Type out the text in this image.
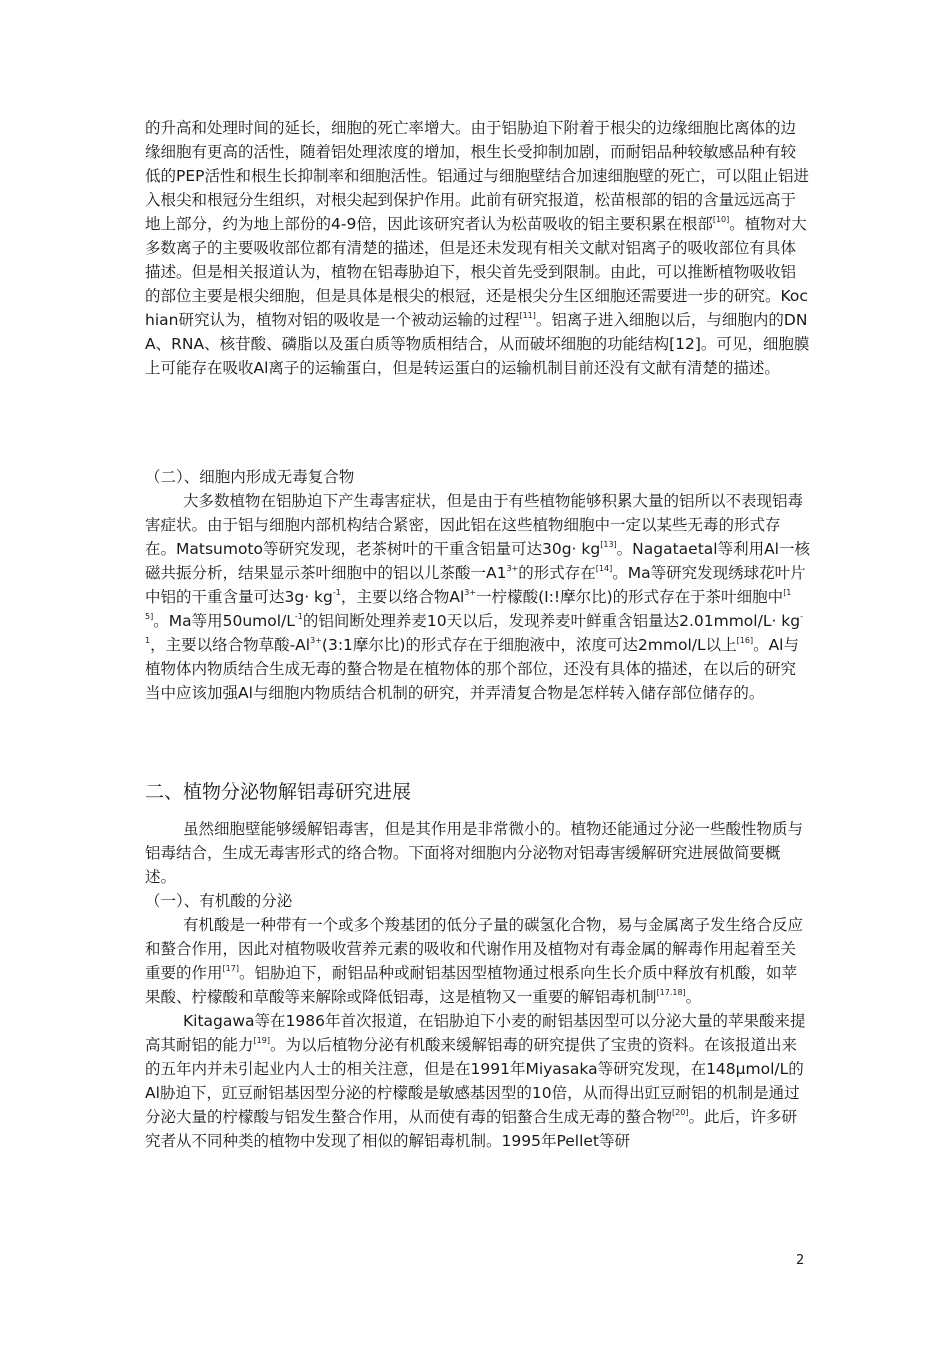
的升高和处理时间的延长，细胞的死亡率增大。由于铝胁迫下附着于根尖的边缘细胞比离体的边缘细胞有更高的活性，随着铝处理浓度的增加，根生长受抑制加剧，而耐铝品种较敏感品种有较低的PEP活性和根生长抑制率和细胞活性。铝通过与细胞壁结合加速细胞壁的死亡，可以阻止铝进入根尖和根冠分生组织，对根尖起到保护作用。此前有研究报道，松苗根部的铝的含量远远高于地上部分，约为地上部份的4-9倍，因此该研究者认为松苗吸收的铝主要积累在根部[10]。植物对大多数离子的主要吸收部位都有清楚的描述，但是还未发现有相关文献对铝离子的吸收部位有具体描述。但是相关报道认为，植物在铝毒胁迫下，根尖首先受到限制。由此，可以推断植物吸收铝的部位主要是根尖细胞，但是具体是根尖的根冠，还是根尖分生区细胞还需要进一步的研究。Kochian研究认为，植物对铝的吸收是一个被动运输的过程[11]。铝离子进入细胞以后，与细胞内的DNA、RNA、核苷酸、磷脂以及蛋白质等物质相结合，从而破坏细胞的功能结构[12]。可见，细胞膜上可能存在吸收Al离子的运输蛋白，但是转运蛋白的运输机制目前还没有文献有清楚的描述。

（二）、细胞内形成无毒复合物

大多数植物在铝胁迫下产生毒害症状，但是由于有些植物能够积累大量的铝所以不表现铝毒害症状。由于铝与细胞内部机构结合紧密，因此铝在这些植物细胞中一定以某些无毒的形式存在。Matsumoto等研究发现，老茶树叶的干重含铝量可达30g· kg[13]。Nagataetal等利用Al一核磁共振分析，结果显示茶叶细胞中的铝以儿茶酸一$A1^{3+}$的形式存在[14]。Ma等研究发现绣球花叶片中铝的干重含量可达$3g\cdot kg^{-1}$，主要以络合物$Al^{3+}$一柠檬酸(I:!摩尔比)的形式存在于茶叶细胞中[15]。Ma等用$50umol/L^{-1}$的铝间断处理养麦10天以后，发现养麦叶鲜重含铝量达2.01mmol/L· $kg^{-1}$，主要以络合物草酸$-Al^{3+}(3:1$摩尔比)的形式存在于细胞液中，浓度可达2mmol/L以上[16]。Al与植物体内物质结合生成无毒的螯合物是在植物体的那个部位，还没有具体的描述，在以后的研究当中应该加强Al与细胞内物质结合机制的研究，并弄清复合物是怎样转入储存部位储存的。

二、植物分泌物解铝毒研究进展

虽然细胞壁能够缓解铝毒害，但是其作用是非常微小的。植物还能通过分泌一些酸性物质与铝毒结合，生成无毒害形式的络合物。下面将对细胞内分泌物对铝毒害缓解研究进展做简要概述。

（一）、有机酸的分泌

有机酸是一种带有一个或多个羧基团的低分子量的碳氢化合物，易与金属离子发生络合反应和螯合作用，因此对植物吸收营养元素的吸收和代谢作用及植物对有毒金属的解毒作用起着至关重要的作用[17]。铝胁迫下，耐铝品种或耐铝基因型植物通过根系向生长介质中释放有机酸，如苹果酸、柠檬酸和草酸等来解除或降低铝毒，这是植物又一重要的解铝毒机制[17.18]。

Kitagawa等在1986年首次报道，在铝胁迫下小麦的耐铝基因型可以分泌大量的苹果酸来提高其耐铝的能力[19]。为以后植物分泌有机酸来缓解铝毒的研究提供了宝贵的资料。在该报道出来的五年内并未引起业内人士的相关注意，但是在1991年Miyasaka等研究发现，在148μmol/L的Al胁迫下，豇豆耐铝基因型分泌的柠檬酸是敏感基因型的10倍，从而得出豇豆耐铝的机制是通过分泌大量的柠檬酸与铝发生螯合作用，从而使有毒的铝螯合生成无毒的螯合物[20]。此后，许多研究者从不同种类的植物中发现了相似的解铝毒机制。1995年Pellet等研

2
